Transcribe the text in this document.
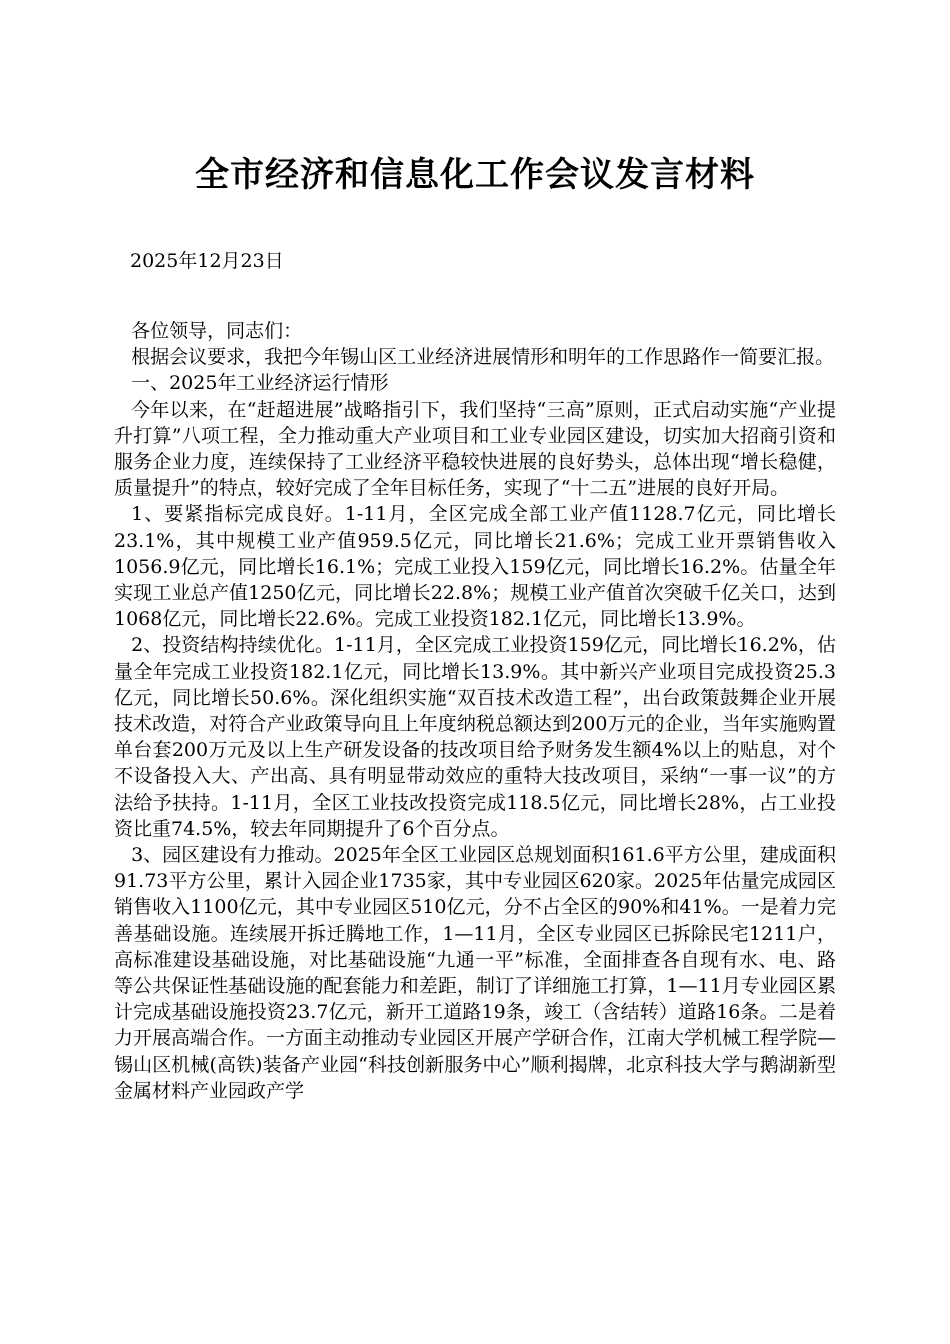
全市经济和信息化工作会议发言材料
2025年12月23日

各位领导，同志们：

根据会议要求，我把今年锡山区工业经济进展情形和明年的工作思路作一简要汇报。

一、2025年工业经济运行情形

今年以来，在“赶超进展”战略指引下，我们坚持“三高”原则，正式启动实施“产业提升打算”八项工程，全力推动重大产业项目和工业专业园区建设，切实加大招商引资和服务企业力度，连续保持了工业经济平稳较快进展的良好势头，总体出现“增长稳健，质量提升”的特点，较好完成了全年目标任务，实现了“十二五”进展的良好开局。

1、要紧指标完成良好。1-11月，全区完成全部工业产值1128.7亿元，同比增长23.1%，其中规模工业产值959.5亿元，同比增长21.6%；完成工业开票销售收入1056.9亿元，同比增长16.1%；完成工业投入159亿元，同比增长16.2%。估量全年实现工业总产值1250亿元，同比增长22.8%；规模工业产值首次突破千亿关口，达到1068亿元，同比增长22.6%。完成工业投资182.1亿元，同比增长13.9%。

2、投资结构持续优化。1-11月，全区完成工业投资159亿元，同比增长16.2%，估量全年完成工业投资182.1亿元，同比增长13.9%。其中新兴产业项目完成投资25.3亿元，同比增长50.6%。深化组织实施“双百技术改造工程”，出台政策鼓舞企业开展技术改造，对符合产业政策导向且上年度纳税总额达到200万元的企业，当年实施购置单台套200万元及以上生产研发设备的技改项目给予财务发生额4%以上的贴息，对个不设备投入大、产出高、具有明显带动效应的重特大技改项目，采纳“一事一议”的方法给予扶持。1-11月，全区工业技改投资完成118.5亿元，同比增长28%，占工业投资比重74.5%，较去年同期提升了6个百分点。

3、园区建设有力推动。2025年全区工业园区总规划面积161.6平方公里，建成面积91.73平方公里，累计入园企业1735家，其中专业园区620家。2025年估量完成园区销售收入1100亿元，其中专业园区510亿元，分不占全区的90%和41%。一是着力完善基础设施。连续展开拆迁腾地工作，1—11月，全区专业园区已拆除民宅1211户，高标准建设基础设施，对比基础设施“九通一平”标准，全面排查各自现有水、电、路等公共保证性基础设施的配套能力和差距，制订了详细施工打算，1—11月专业园区累计完成基础设施投资23.7亿元，新开工道路19条，竣工（含结转）道路16条。二是着力开展高端合作。一方面主动推动专业园区开展产学研合作，江南大学机械工程学院—锡山区机械(高铁)装备产业园“科技创新服务中心”顺利揭牌，北京科技大学与鹅湖新型金属材料产业园政产学
